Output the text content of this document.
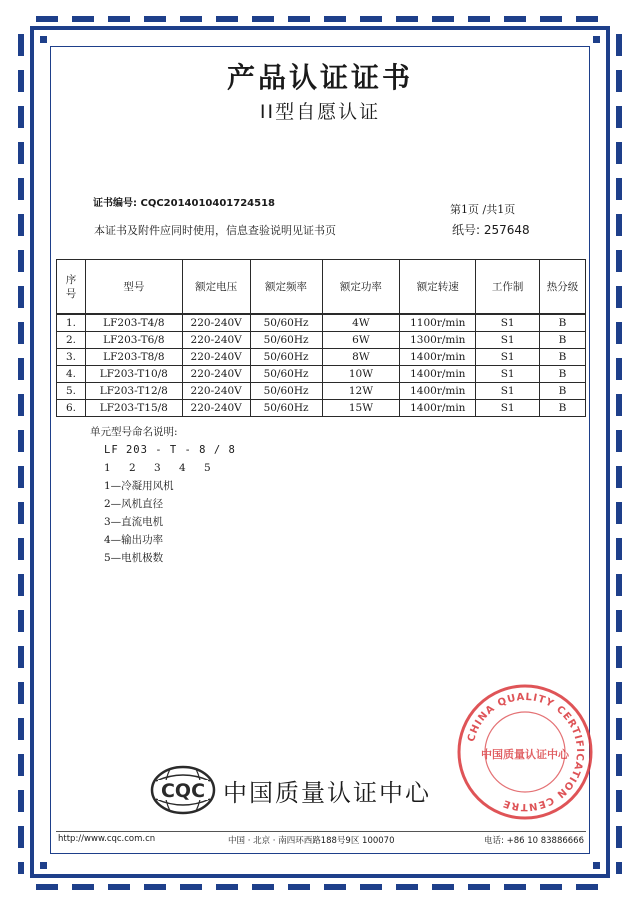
产品认证证书
II型自愿认证
证书编号: CQC2014010401724518	第1页 /共1页
本证书及附件应同时使用，信息查验说明见证书页	纸号: 257648
序
号	型号	额定电压	额定频率	额定功率	额定转速	工作制	热分级
1.	LF203-T4/8	220-240V	50/60Hz	4W	1100r/min	S1	B
2.	LF203-T6/8	220-240V	50/60Hz	6W	1300r/min	S1	B
3.	LF203-T8/8	220-240V	50/60Hz	8W	1400r/min	S1	B
4.	LF203-T10/8	220-240V	50/60Hz	10W	1400r/min	S1	B
5.	LF203-T12/8	220-240V	50/60Hz	12W	1400r/min	S1	B
6.	LF203-T15/8	220-240V	50/60Hz	15W	1400r/min	S1	B
单元型号命名说明:
LF 203 - T - 8 / 8
1 2 3 4 5
1—冷凝用风机
2—风机直径
3—直流电机
4—输出功率
5—电机极数
CQC 中国质量认证中心
CHINA QUALITY CERTIFICATION CENTRE
中国质量认证中心
http://www.cqc.com.cn	中国 · 北京 · 南四环西路188号9区 100070	电话: +86 10 83886666
